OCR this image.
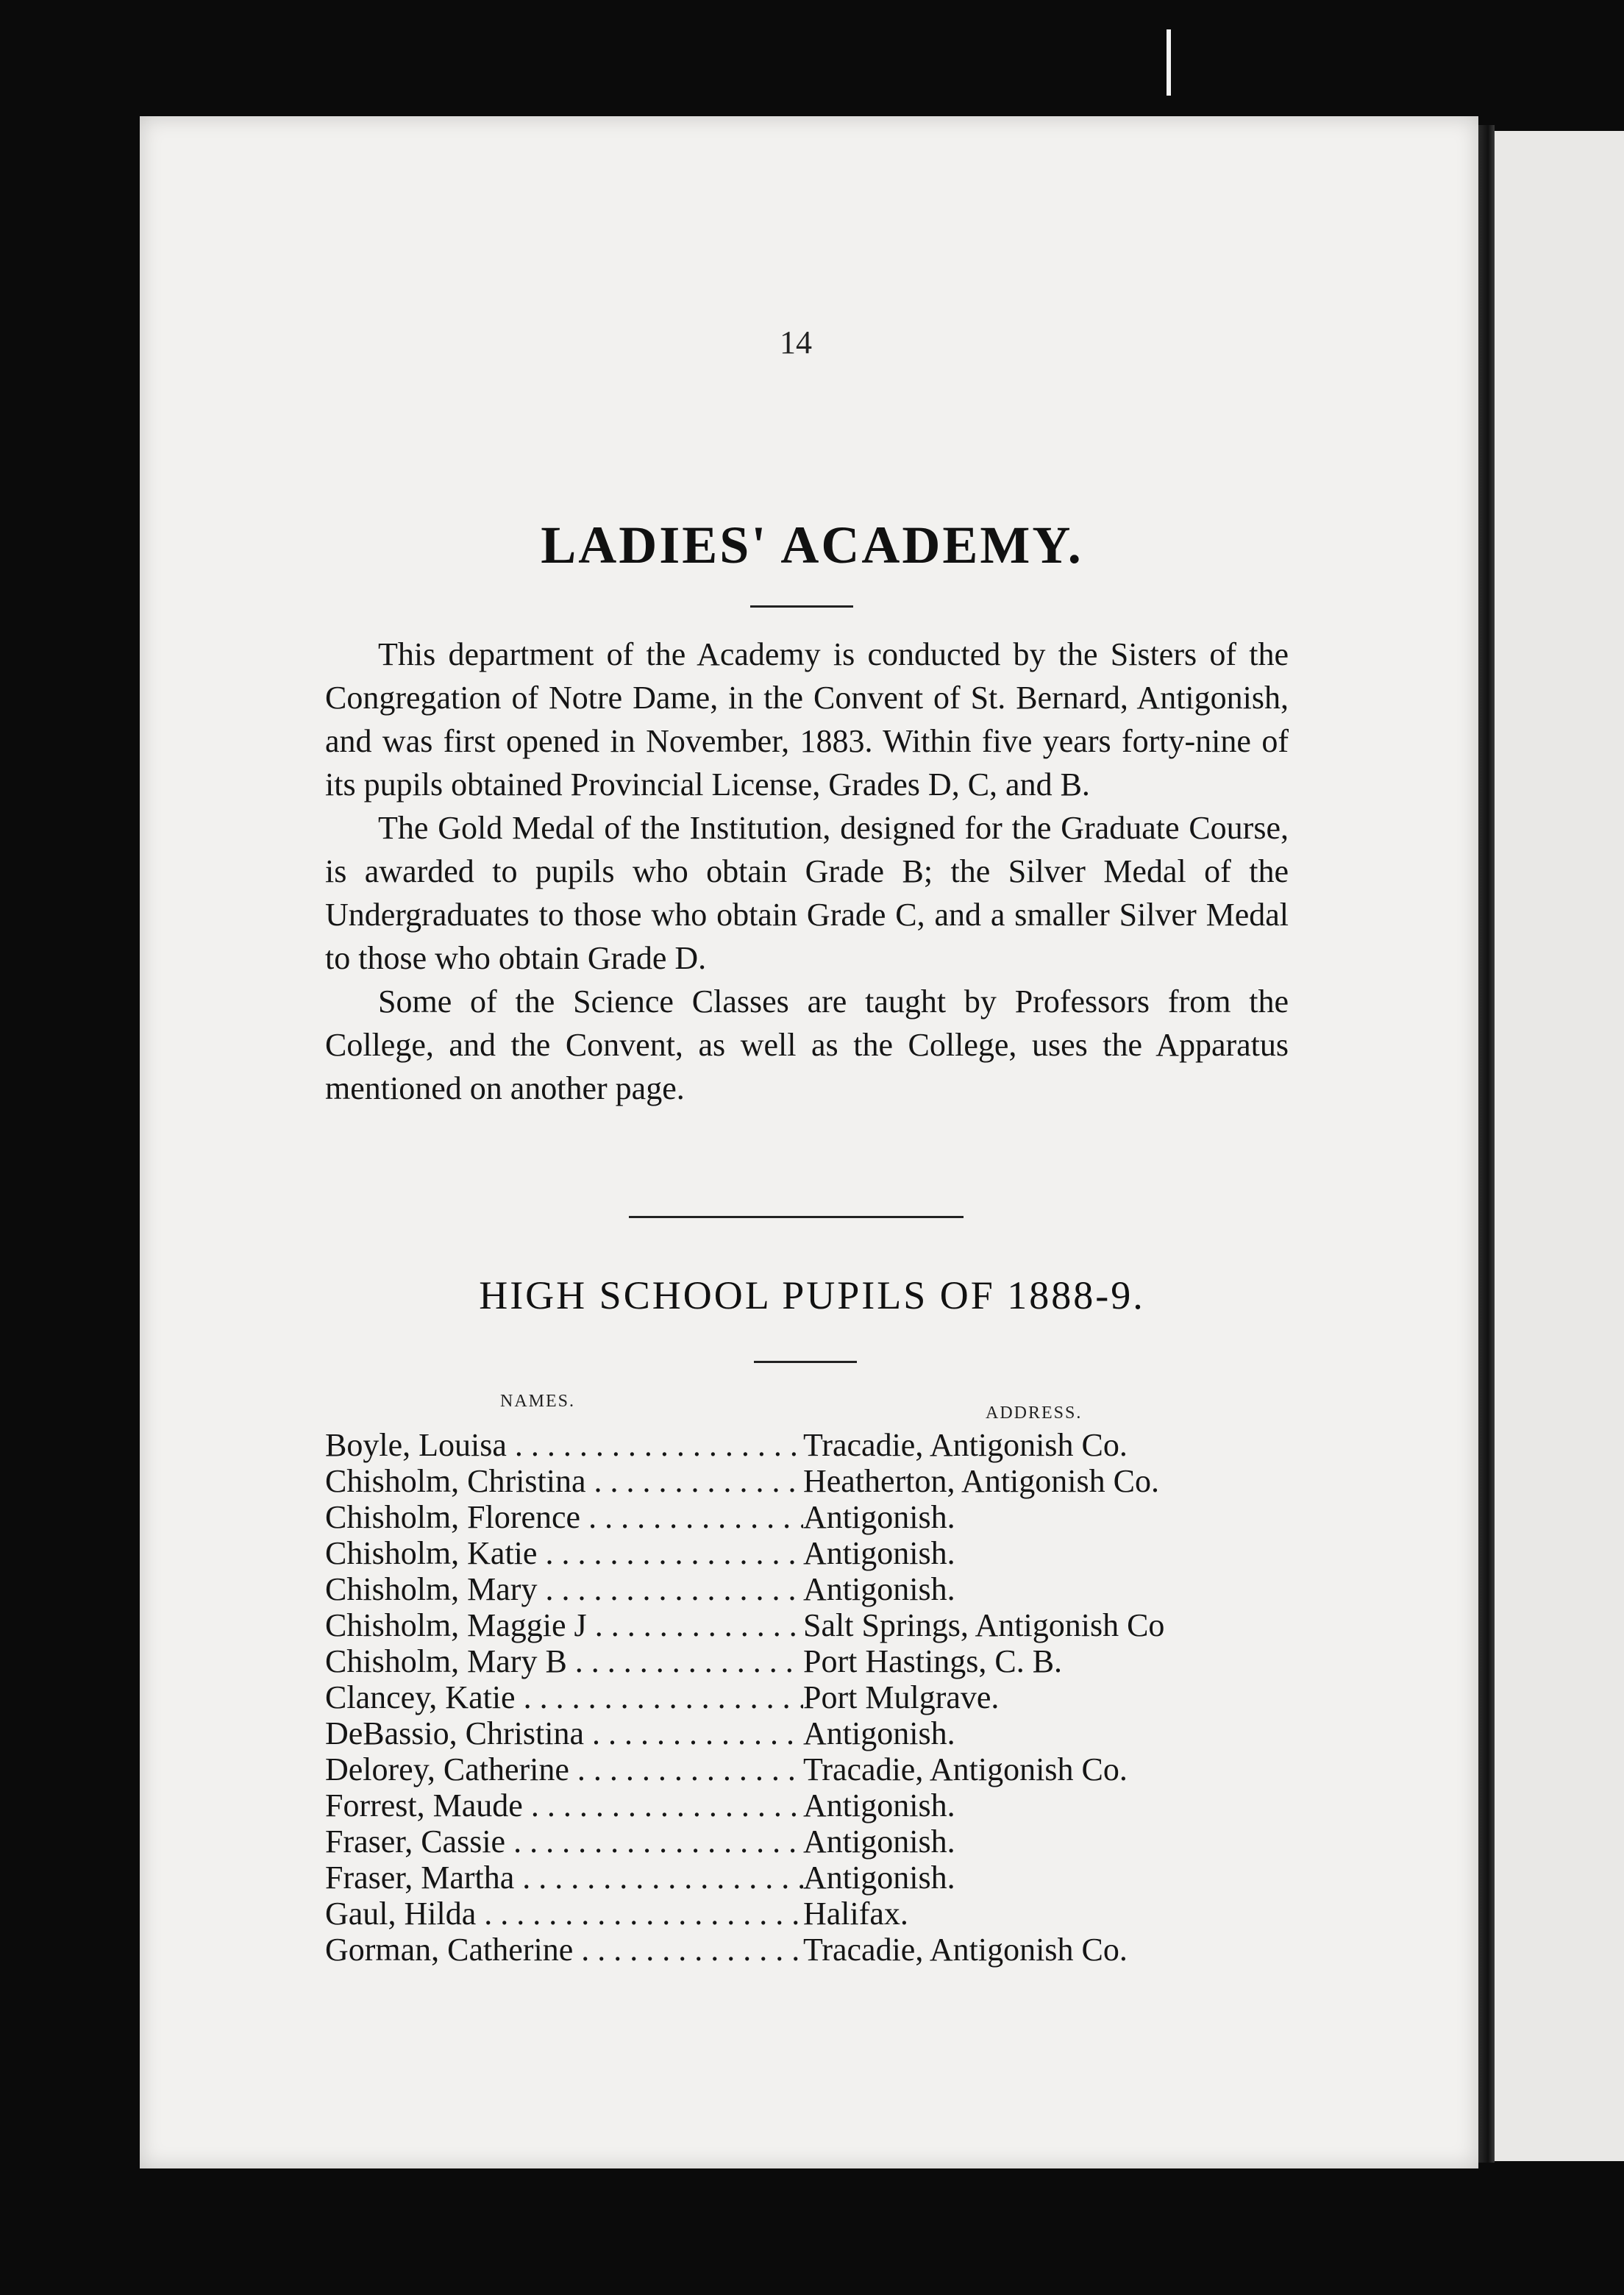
14
LADIES' ACADEMY.

This department of the Academy is conducted by the Sisters of the Congregation of Notre Dame, in the Convent of St. Bernard, Antigonish, and was first opened in November, 1883. Within five years forty-nine of its pupils obtained Provincial License, Grades D, C, and B.

The Gold Medal of the Institution, designed for the Graduate Course, is awarded to pupils who obtain Grade B; the Silver Medal of the Undergraduates to those who obtain Grade C, and a smaller Silver Medal to those who obtain Grade D.

Some of the Science Classes are taught by Professors from the College, and the Convent, as well as the College, uses the Apparatus mentioned on another page.

HIGH SCHOOL PUPILS OF 1888-9.
NAMES.
ADDRESS.
Boyle, Louisa . . .	Tracadie, Antigonish Co.
Chisholm, Christina . . .	Heatherton, Antigonish Co.
Chisholm, Florence . . .	Antigonish.
Chisholm, Katie . . .	Antigonish.
Chisholm, Mary . . .	Antigonish.
Chisholm, Maggie J . . .	Salt Springs, Antigonish Co
Chisholm, Mary B . . .	Port Hastings, C. B.
Clancey, Katie . . .	Port Mulgrave.
DeBassio, Christina . . .	Antigonish.
Delorey, Catherine . . .	Tracadie, Antigonish Co.
Forrest, Maude . . .	Antigonish.
Fraser, Cassie . . .	Antigonish.
Fraser, Martha . . .	Antigonish.
Gaul, Hilda . . .	Halifax.
Gorman, Catherine . . .	Tracadie, Antigonish Co.
